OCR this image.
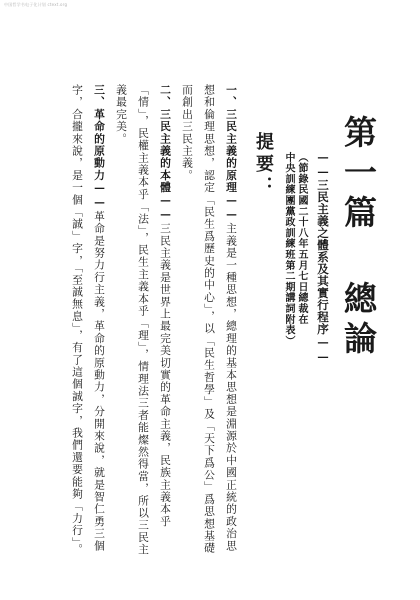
中国哲学书电子化计划 ctext.org
第一篇 總論
——三民主義之體系及其實行程序——
（節錄民國二十八年五月七日總裁在
中央訓練團黨政訓練班第二期講詞附表）
提要：

一、三民主義的原理——主義是一種思想，總理的基本思想是淵源於中國正統的政治思想和倫理思想，認定「民生爲歷史的中心」，以「民生哲學」及「天下爲公」爲思想基礎而創出三民主義。

二、三民主義的本體——三民主義是世界上最完美切實的革命主義，民族主義本乎「情」，民權主義本乎「法」，民生主義本乎「理」，情理法三者能燦然得當，所以三民主義最完美。

三、革命的原動力——革命是努力行主義，革命的原動力，分開來說，就是智仁勇三個字，合攏來說，是一個「誠」字，「至誠無息」，有了這個誠字，我們還要能夠「力行」。
